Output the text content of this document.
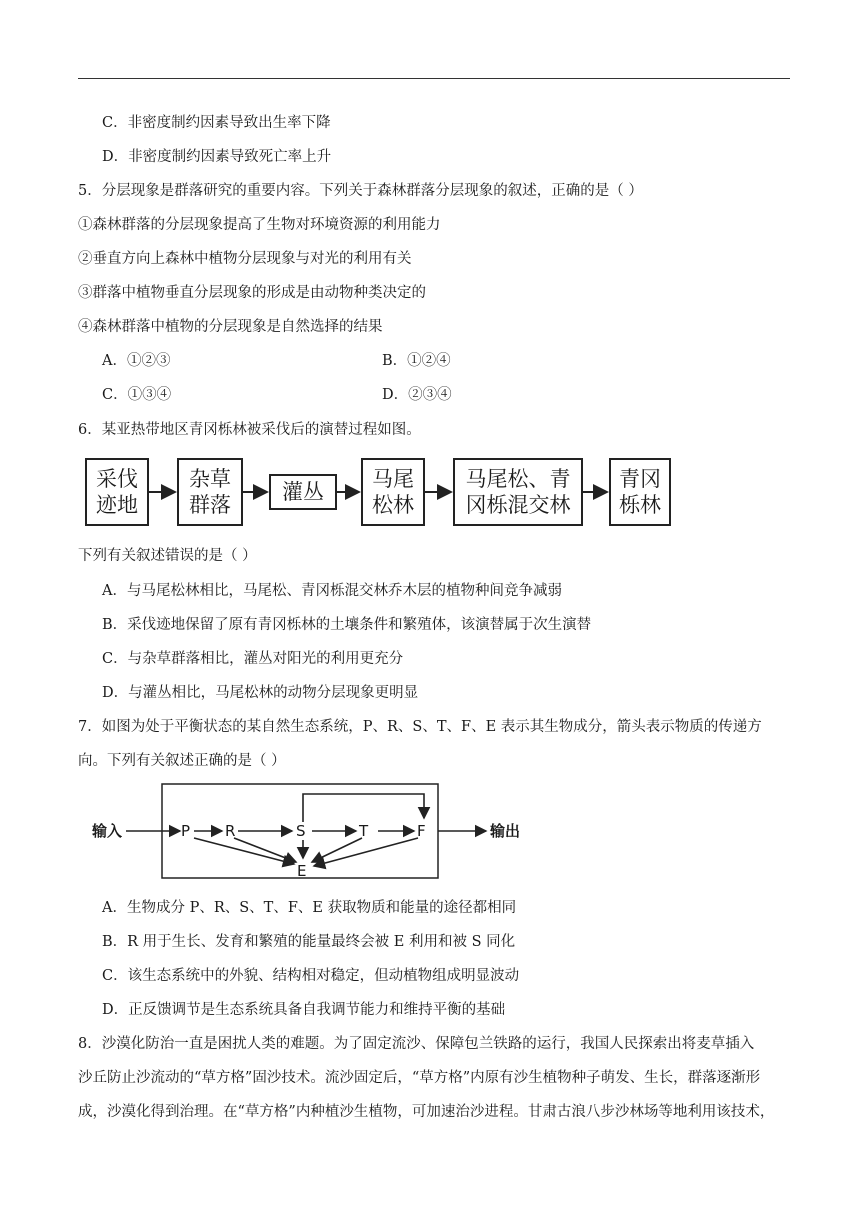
C．非密度制约因素导致出生率下降
D．非密度制约因素导致死亡率上升
5．分层现象是群落研究的重要内容。下列关于森林群落分层现象的叙述，正确的是（ ）
①森林群落的分层现象提高了生物对环境资源的利用能力
②垂直方向上森林中植物分层现象与对光的利用有关
③群落中植物垂直分层现象的形成是由动物种类决定的
④森林群落中植物的分层现象是自然选择的结果
A．①②③	B．①②④
C．①③④	D．②③④
6．某亚热带地区青冈栎林被采伐后的演替过程如图。
采伐
迹地
杂草
群落
灌丛
马尾
松林
马尾松、青
冈栎混交林
青冈
栎林
下列有关叙述错误的是（ ）
A．与马尾松林相比，马尾松、青冈栎混交林乔木层的植物种间竞争减弱
B．采伐迹地保留了原有青冈栎林的土壤条件和繁殖体，该演替属于次生演替
C．与杂草群落相比，灌丛对阳光的利用更充分
D．与灌丛相比，马尾松林的动物分层现象更明显
7．如图为处于平衡状态的某自然生态系统，P、R、S、T、F、E 表示其生物成分，箭头表示物质的传递方
向。下列有关叙述正确的是（ ）
输入	P R	S	T	F
E
输出
A．生物成分 P、R、S、T、F、E 获取物质和能量的途径都相同
B．R 用于生长、发育和繁殖的能量最终会被 E 利用和被 S 同化
C．该生态系统中的外貌、结构相对稳定，但动植物组成明显波动
D．正反馈调节是生态系统具备自我调节能力和维持平衡的基础
8．沙漠化防治一直是困扰人类的难题。为了固定流沙、保障包兰铁路的运行，我国人民探索出将麦草插入
沙丘防止沙流动的“草方格”固沙技术。流沙固定后，“草方格”内原有沙生植物种子萌发、生长，群落逐渐形
成，沙漠化得到治理。在“草方格”内种植沙生植物，可加速治沙进程。甘肃古浪八步沙林场等地利用该技术，
